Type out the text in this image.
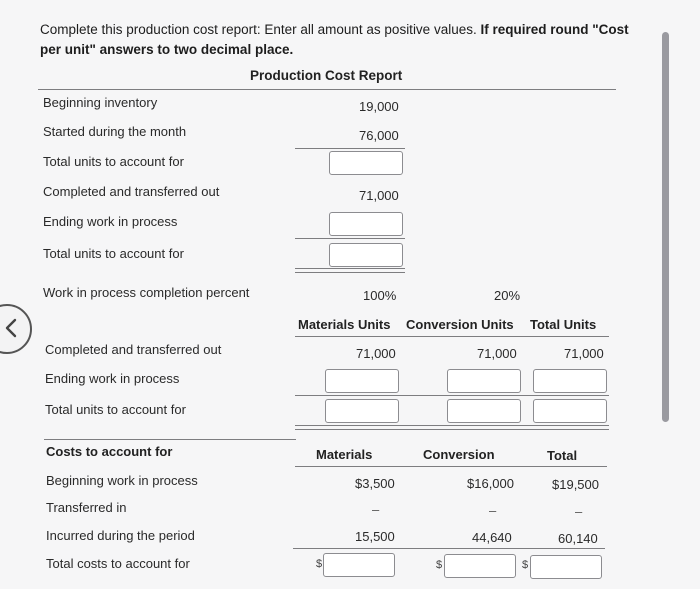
Complete this production cost report: Enter all amount as positive values. If required round "Cost
per unit" answers to two decimal place.
Production Cost Report
Beginning inventory	19,000
Started during the month	76,000
Total units to account for
Completed and transferred out	71,000
Ending work in process
Total units to account for
Work in process completion percent	100%	20%
Materials Units Conversion Units Total Units
Completed and transferred out	71,000	71,000	71,000
Ending work in process
Total units to account for
Costs to account for	Materials	Conversion	Total
Beginning work in process	$3,500	$16,000	$19,500
Transferred in	–	–	–
Incurred during the period	15,500	44,640	60,140
Total costs to account for	$	$	$
